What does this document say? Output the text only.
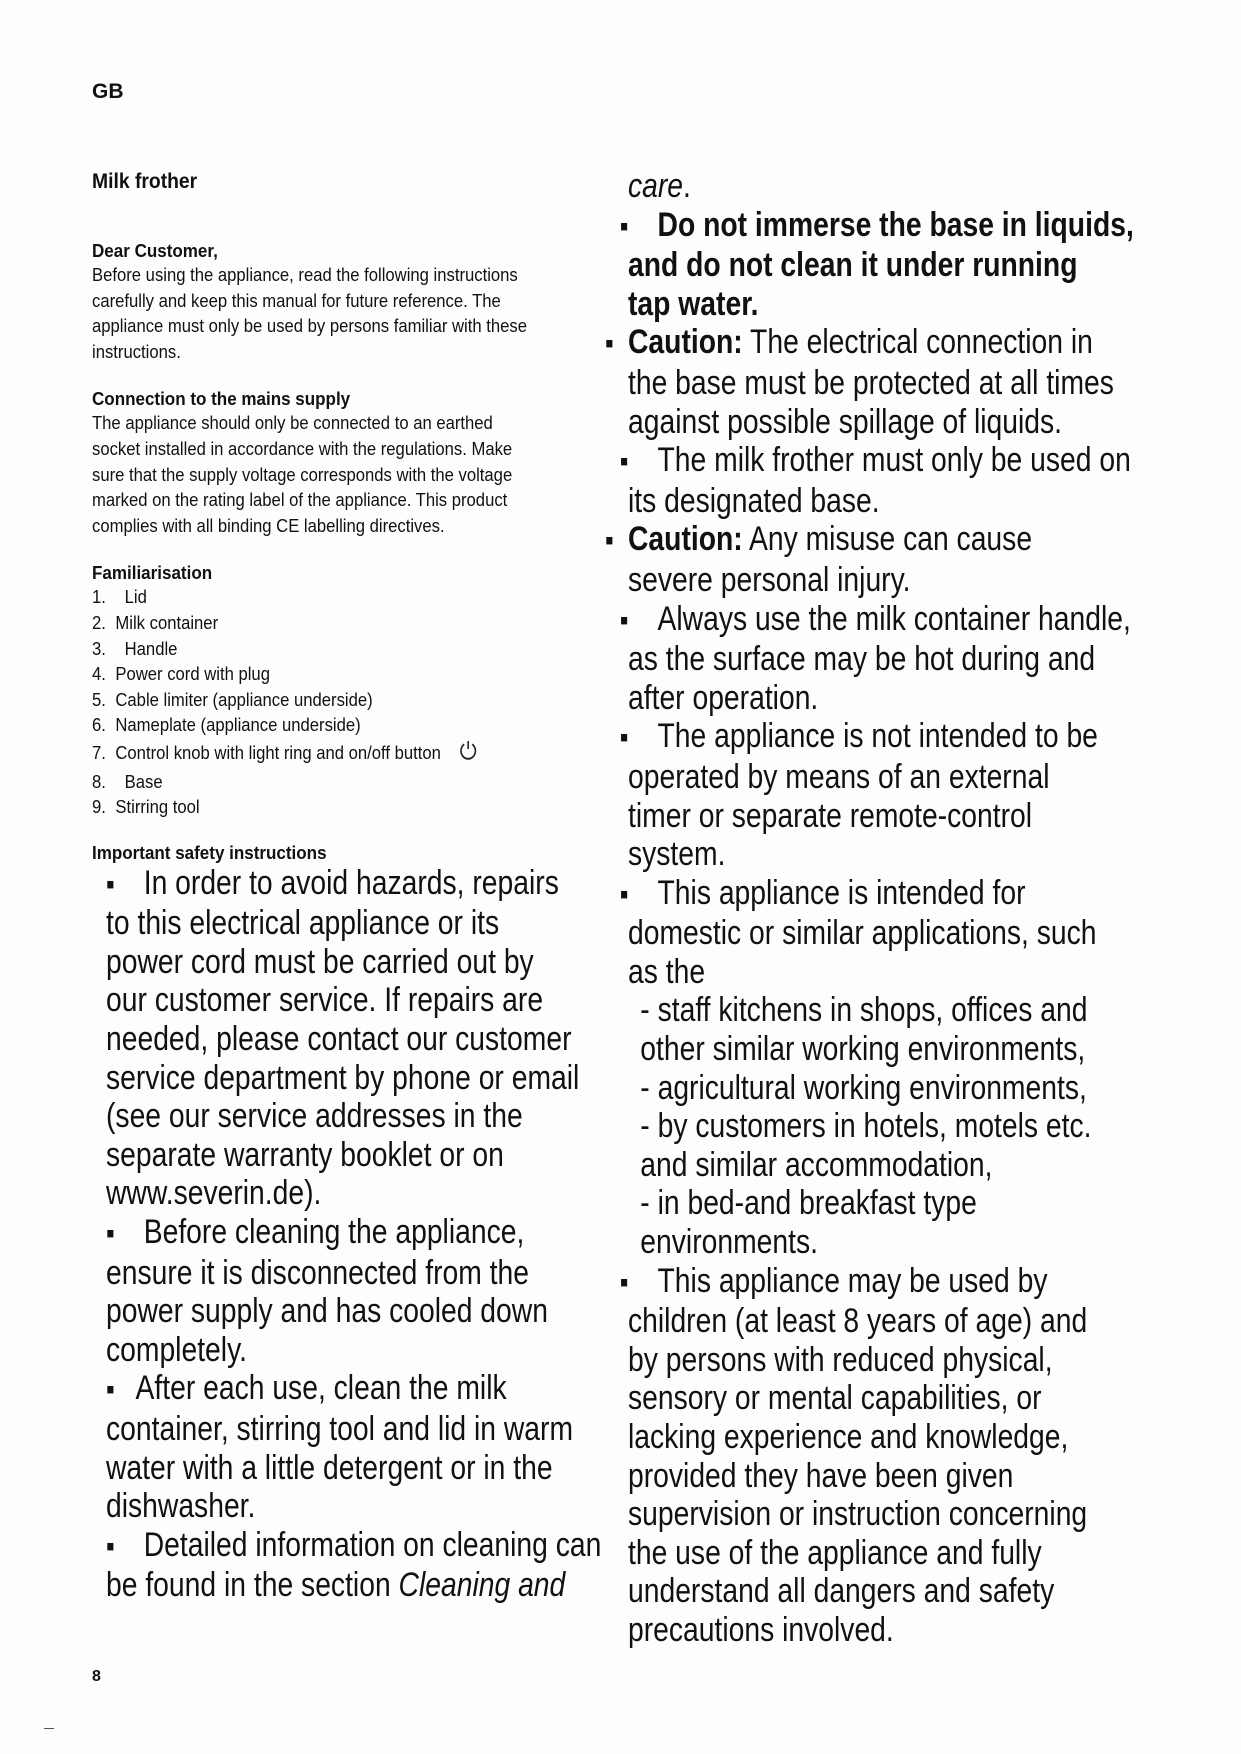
GB
Milk frother
Dear Customer,

Before using the appliance, read the following instructions

carefully and keep this manual for future reference. The

appliance must only be used by persons familiar with these

instructions.

Connection to the mains supply

The appliance should only be connected to an earthed

socket installed in accordance with the regulations. Make

sure that the supply voltage corresponds with the voltage

marked on the rating label of the appliance. This product

complies with all binding CE labelling directives.

Familiarisation
1. Lid
2. Milk container
3. Handle
4. Power cord with plug
5. Cable limiter (appliance underside)
6. Nameplate (appliance underside)
7. Control knob with light ring and on/off button
8. Base
9. Stirring tool
Important safety instructions

▪ In order to avoid hazards, repairs

to this electrical appliance or its

power cord must be carried out by

our customer service. If repairs are

needed, please contact our customer

service department by phone or email

(see our service addresses in the

separate warranty booklet or on

www.severin.de).

▪ Before cleaning the appliance,

ensure it is disconnected from the

power supply and has cooled down

completely.

▪ After each use, clean the milk

container, stirring tool and lid in warm

water with a little detergent or in the

dishwasher.

▪ Detailed information on cleaning can

be found in the section Cleaning and

care.

▪ Do not immerse the base in liquids,

and do not clean it under running

tap water.

▪ Caution: The electrical connection in

the base must be protected at all times

against possible spillage of liquids.

▪ The milk frother must only be used on

its designated base.

▪ Caution: Any misuse can cause

severe personal injury.

▪ Always use the milk container handle,

as the surface may be hot during and

after operation.

▪ The appliance is not intended to be

operated by means of an external

timer or separate remote-control

system.

▪ This appliance is intended for

domestic or similar applications, such

as the

- staff kitchens in shops, offices and

other similar working environments,

- agricultural working environments,

- by customers in hotels, motels etc.

and similar accommodation,

- in bed-and breakfast type

environments.

▪ This appliance may be used by

children (at least 8 years of age) and

by persons with reduced physical,

sensory or mental capabilities, or

lacking experience and knowledge,

provided they have been given

supervision or instruction concerning

the use of the appliance and fully

understand all dangers and safety

precautions involved.

8
